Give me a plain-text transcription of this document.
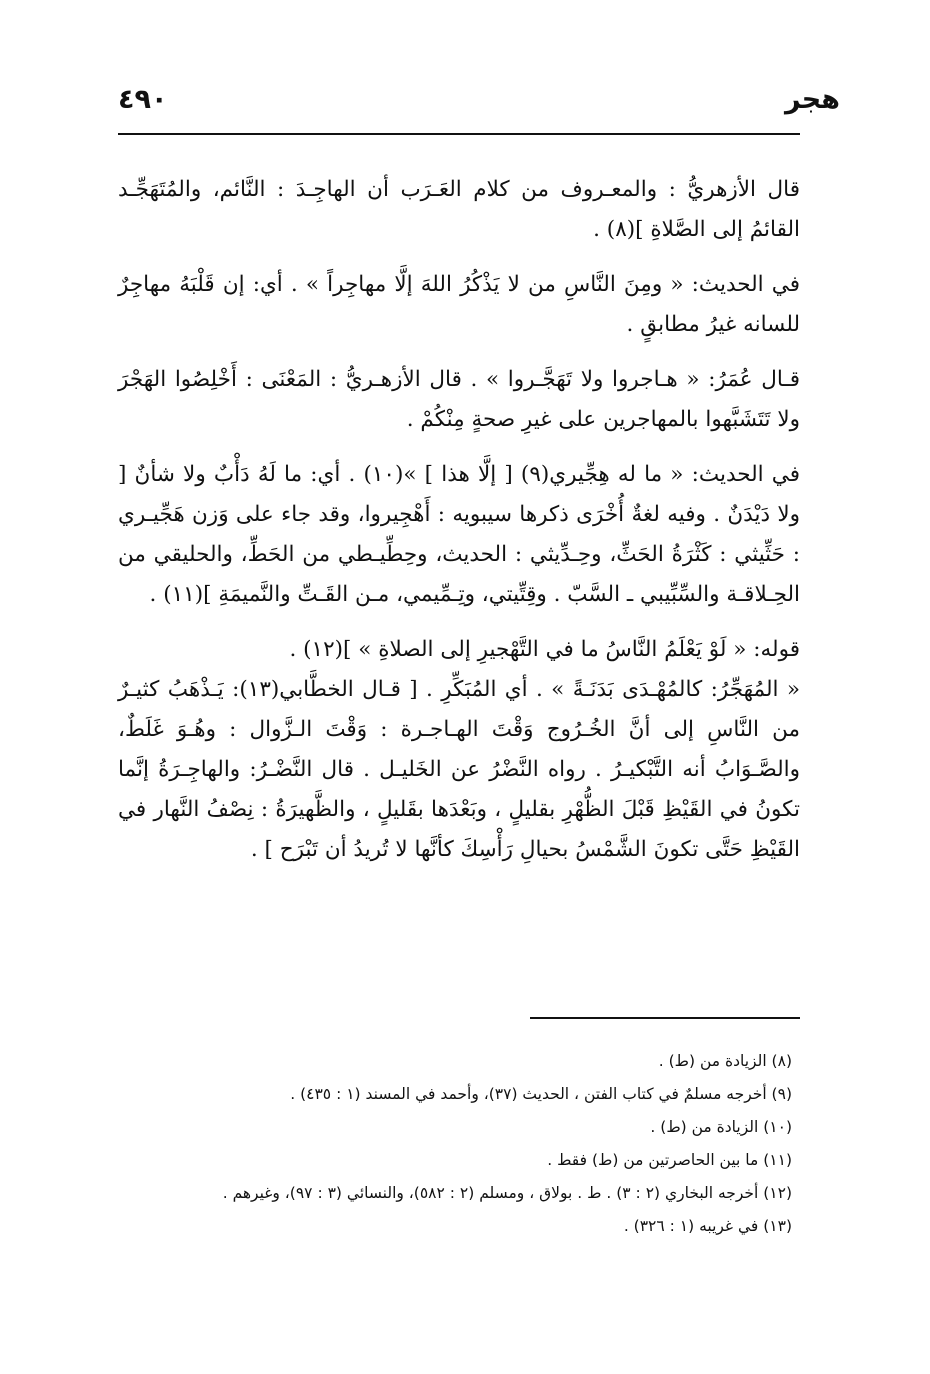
هجر
٤٩٠

قال الأزهريُّ : والمعـروف من كلام العَـرَب أن الهاجِـدَ : النَّائم، والمُتَهَجِّـد القائمُ إلى الصَّلاةِ ](٨) .

في الحديث: « ومِنَ النَّاسِ من لا يَذْكُرُ اللهَ إلَّا مهاجِراً » . أي: إن قَلْبَهُ مهاجِرٌ للسانه غيرُ مطابقٍ .

قـال عُمَرُ: « هـاجروا ولا تَهَجَّـروا » . قال الأزهـريُّ : المَعْنَى : أَخْلِصُوا الهَجْرَ ولا تَتَشَبَّهوا بالمهاجرين على غيرِ صحةٍ مِنْكُمْ .

في الحديث: « ما له هِجِّيري(٩) [ إلَّا هذا ] »(١٠) . أي: ما لَهُ دَأْبٌ ولا شأنٌ [ ولا دَيْدَنٌ . وفيه لغةٌ أُخْرَى ذكرها سيبويه : أَهْجِيروا، وقد جاء على وَزن هَجِّيـري : حَثِّيثي : كَثْرَةُ الحَثِّ، وحِـدِّيثي : الحديث، وحِطِّيـطي من الحَطِّ، والحليقي من الحِـلاقـة والسِّبِّيبي ـ السَّبّ . وقِتِّيتي، وتِـمِّيمي، مـن القَـتِّ والنَّميمَةِ ](١١) .

قوله: « لَوْ يَعْلَمُ النَّاسُ ما في التَّهْجيرِ إلى الصلاةِ » ](١٢) .

« المُهَجِّرُ: كالمُهْـدَى بَدَنَـةً » . أي المُبَكِّرِ . [ قـال الخطَّابي(١٣): يَـذْهَبُ كثيـرٌ من النَّاسِ إلى أنَّ الخُـرُوج وَقْتَ الهـاجـرة : وَقْتَ الـزَّوال : وهُـوَ غَلَطٌ، والصَّـوَابُ أنه التَّبْكيـرُ . رواه النَّضْرُ عن الخَليـل . قال النَّضْـرُ: والهاجِـرَةُ إنَّما تكونُ في القَيْظِ قَبْلَ الظُّهْرِ بقليلٍ ، وبَعْدَها بقَليلٍ ، والظَّهيرَةُ : نِصْفُ النَّهار في القَيْظِ حَتَّى تكونَ الشَّمْسُ بحيالِ رَأْسِكَ كأنَّها لا تُريدُ أن تَبْرَح ] .

(٨) الزيادة من (ط) .
(٩) أخرجه مسلمٌ في كتاب الفتن ، الحديث (٣٧)، وأحمد في المسند (١ : ٤٣٥) .
(١٠) الزيادة من (ط) .
(١١) ما بين الحاصرتين من (ط) فقط .
(١٢) أخرجه البخاري (٢ : ٣) . ط . بولاق ، ومسلم (٢ : ٥٨٢)، والنسائي (٣ : ٩٧)، وغيرهم .
(١٣) في غريبه (١ : ٣٢٦) .
